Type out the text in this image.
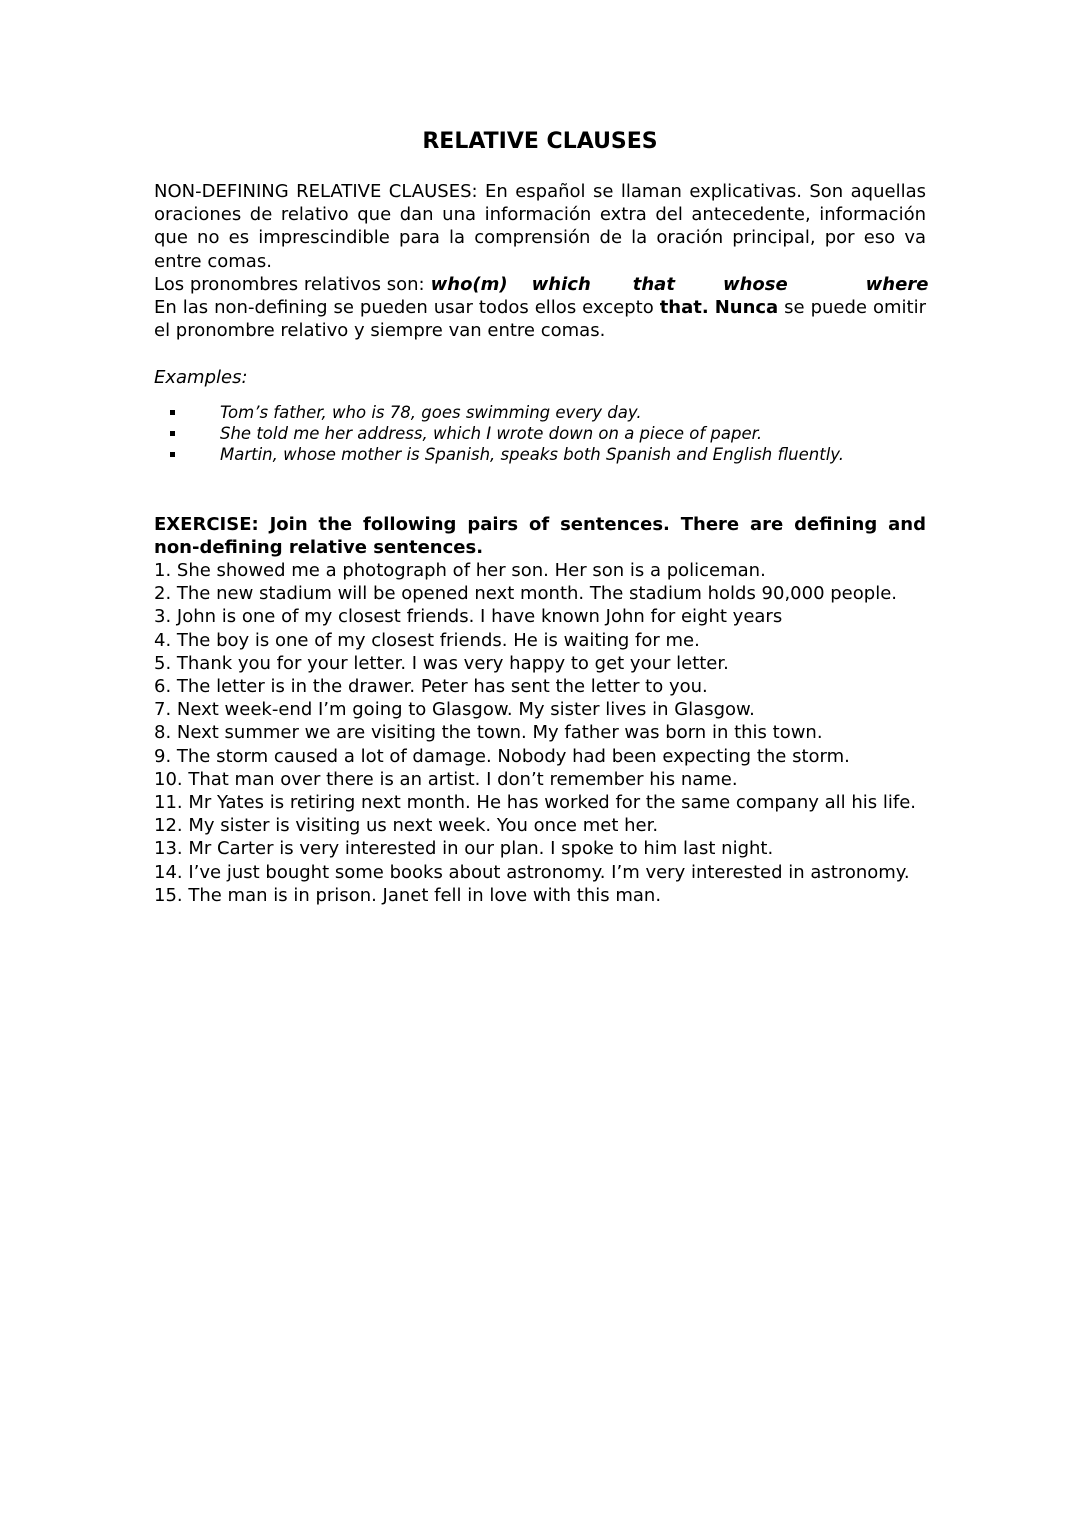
RELATIVE CLAUSES

NON-DEFINING RELATIVE CLAUSES: En español se llaman explicativas. Son aquellas oraciones de relativo que dan una información extra del antecedente, información que no es imprescindible para la comprensión de la oración principal, por eso va entre comas.

Los pronombres relativos son: who(m) which that	whose	where

En las non-defining se pueden usar todos ellos excepto that. Nunca se puede omitir el pronombre relativo y siempre van entre comas.

Examples:
Tom’s father, who is 78, goes swimming every day.
She told me her address, which I wrote down on a piece of paper.
Martin, whose mother is Spanish, speaks both Spanish and English fluently.

EXERCISE: Join the following pairs of sentences. There are defining and non-defining relative sentences.

1. She showed me a photograph of her son. Her son is a policeman.
2. The new stadium will be opened next month. The stadium holds 90,000 people.
3. John is one of my closest friends. I have known John for eight years
4. The boy is one of my closest friends. He is waiting for me.
5. Thank you for your letter. I was very happy to get your letter.
6. The letter is in the drawer. Peter has sent the letter to you.
7. Next week-end I’m going to Glasgow. My sister lives in Glasgow.
8. Next summer we are visiting the town. My father was born in this town.
9. The storm caused a lot of damage. Nobody had been expecting the storm.
10. That man over there is an artist. I don’t remember his name.
11. Mr Yates is retiring next month. He has worked for the same company all his life.
12. My sister is visiting us next week. You once met her.
13. Mr Carter is very interested in our plan. I spoke to him last night.
14. I’ve just bought some books about astronomy. I’m very interested in astronomy.
15. The man is in prison. Janet fell in love with this man.
